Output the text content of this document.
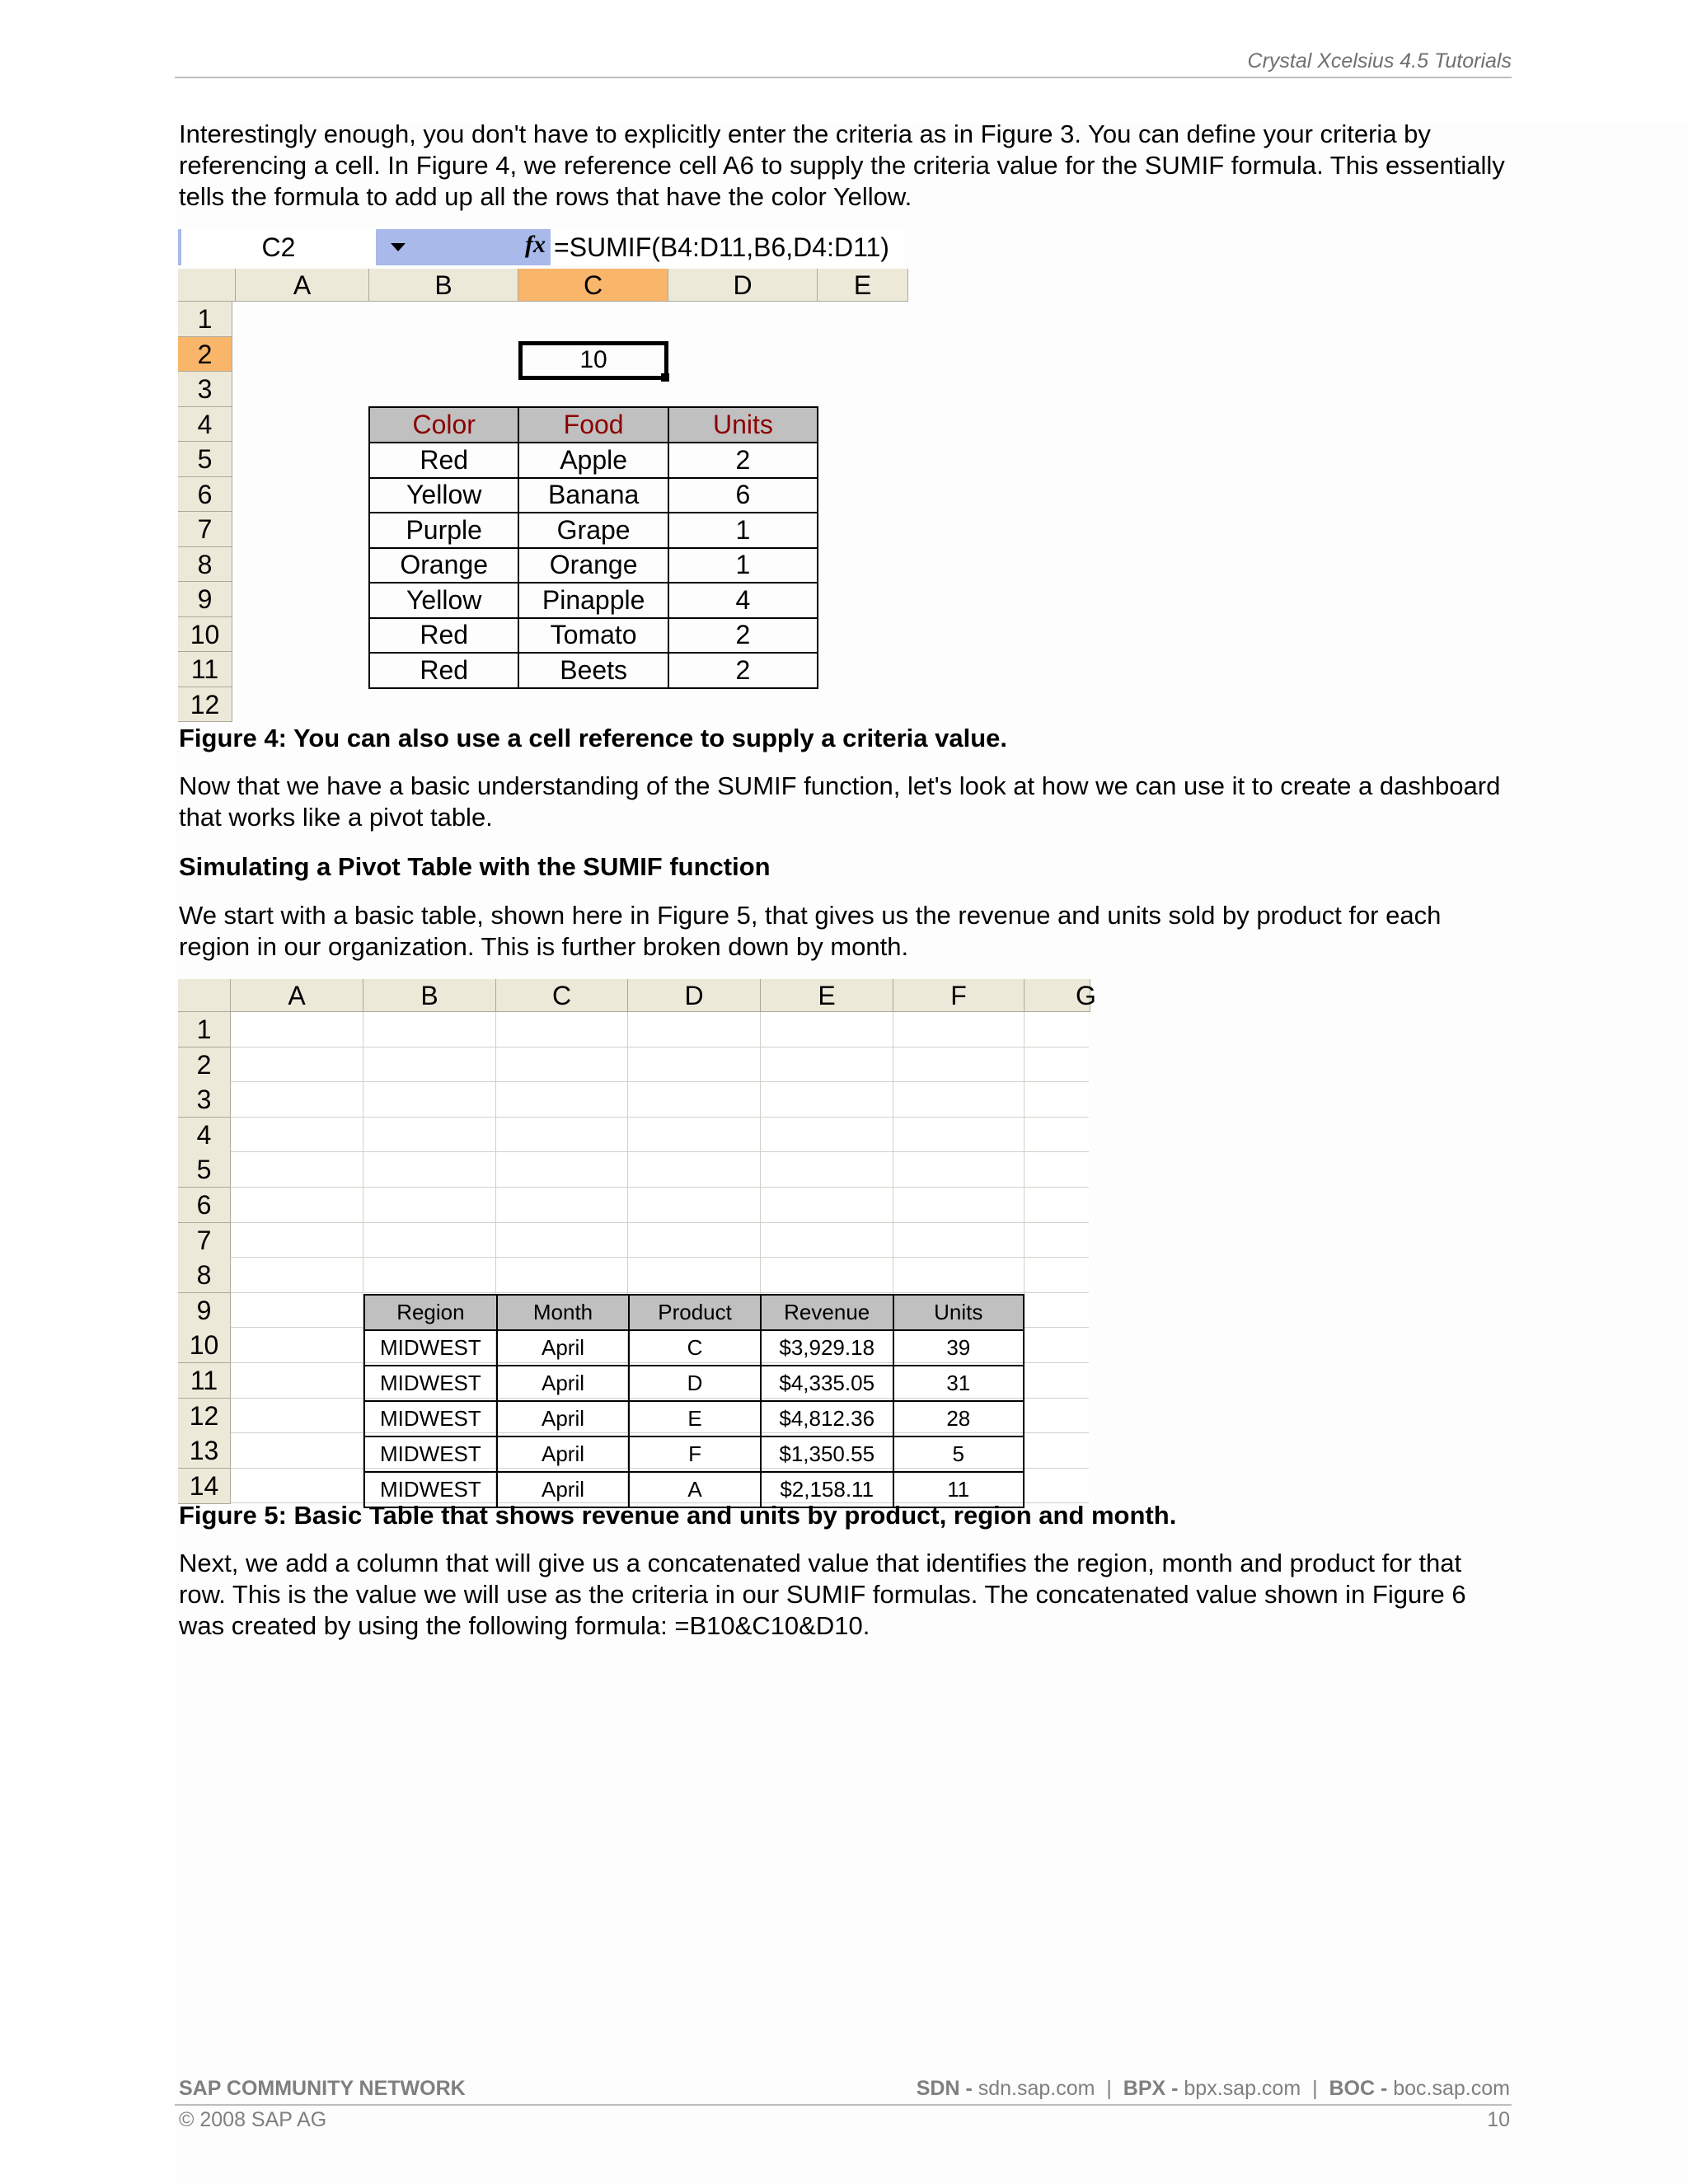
Crystal Xcelsius 4.5 Tutorials

Interestingly enough, you don't have to explicitly enter the criteria as in Figure 3. You can define your criteria by referencing a cell. In Figure 4, we reference cell A6 to supply the criteria value for the SUMIF formula. This essentially tells the formula to add up all the rows that have the color Yellow.

C2	fx =SUMIF(B4:D11,B6,D4:D11)
A	B	C	D	E
1
2
3
4
5
6
7
8
9
10
11
12
10
Color	Food	Units
Red	Apple	2
Yellow	Banana	6
Purple	Grape	1
Orange	Orange	1
Yellow	Pinapple	4
Red	Tomato	2
Red	Beets	2

Figure 4: You can also use a cell reference to supply a criteria value.

Now that we have a basic understanding of the SUMIF function, let's look at how we can use it to create a dashboard that works like a pivot table.

Simulating a Pivot Table with the SUMIF function

We start with a basic table, shown here in Figure 5, that gives us the revenue and units sold by product for each region in our organization. This is further broken down by month.

A	B	C	D	E	F	G
1
2
3
4
5
6
7
8
9
10
11
12
13
14
Region	Month	Product	Revenue	Units
MIDWEST	April	C	$3,929.18	39
MIDWEST	April	D	$4,335.05	31
MIDWEST	April	E	$4,812.36	28
MIDWEST	April	F	$1,350.55	5
MIDWEST	April	A	$2,158.11	11

Figure 5: Basic Table that shows revenue and units by product, region and month.

Next, we add a column that will give us a concatenated value that identifies the region, month and product for that row. This is the value we will use as the criteria in our SUMIF formulas. The concatenated value shown in Figure 6 was created by using the following formula: =B10&C10&D10.

SAP COMMUNITY NETWORK	SDN - sdn.sap.com | BPX - bpx.sap.com | BOC - boc.sap.com
© 2008 SAP AG	10
